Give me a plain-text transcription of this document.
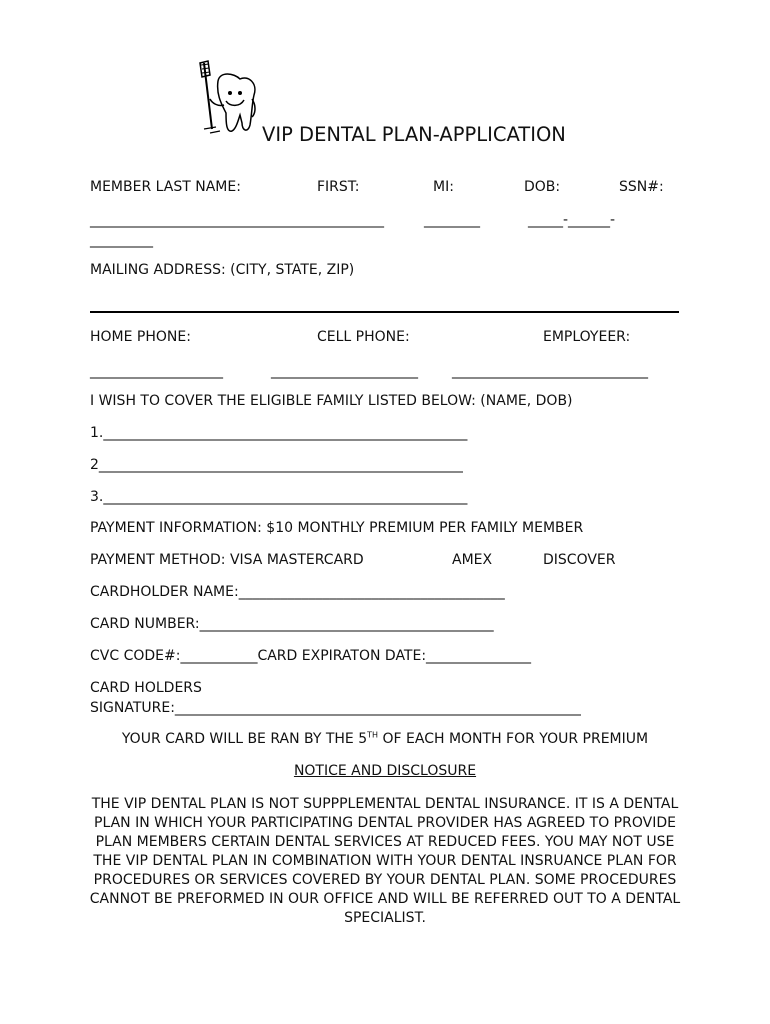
VIP DENTAL PLAN-APPLICATION
MEMBER LAST NAME:	FIRST:	MI:	DOB:	SSN#:
__________________________________________	________	_____-______-
_________
MAILING ADDRESS: (CITY, STATE, ZIP)
HOME PHONE:	CELL PHONE:	EMPLOYEER:
___________________	_____________________ ____________________________
I WISH TO COVER THE ELIGIBLE FAMILY LISTED BELOW: (NAME, DOB)
1.____________________________________________________
2____________________________________________________
3.____________________________________________________
PAYMENT INFORMATION: $10 MONTHLY PREMIUM PER FAMILY MEMBER
PAYMENT METHOD: VISA MASTERCARD	AMEX	DISCOVER
CARDHOLDER NAME:______________________________________
CARD NUMBER:__________________________________________
CVC CODE#:___________CARD EXPIRATON DATE:_______________
CARD HOLDERS
SIGNATURE:__________________________________________________________
YOUR CARD WILL BE RAN BY THE 5TH OF EACH MONTH FOR YOUR PREMIUM
NOTICE AND DISCLOSURE
THE VIP DENTAL PLAN IS NOT SUPPPLEMENTAL DENTAL INSURANCE. IT IS A DENTAL
PLAN IN WHICH YOUR PARTICIPATING DENTAL PROVIDER HAS AGREED TO PROVIDE
PLAN MEMBERS CERTAIN DENTAL SERVICES AT REDUCED FEES. YOU MAY NOT USE
THE VIP DENTAL PLAN IN COMBINATION WITH YOUR DENTAL INSRUANCE PLAN FOR
PROCEDURES OR SERVICES COVERED BY YOUR DENTAL PLAN. SOME PROCEDURES
CANNOT BE PREFORMED IN OUR OFFICE AND WILL BE REFERRED OUT TO A DENTAL
SPECIALIST.
